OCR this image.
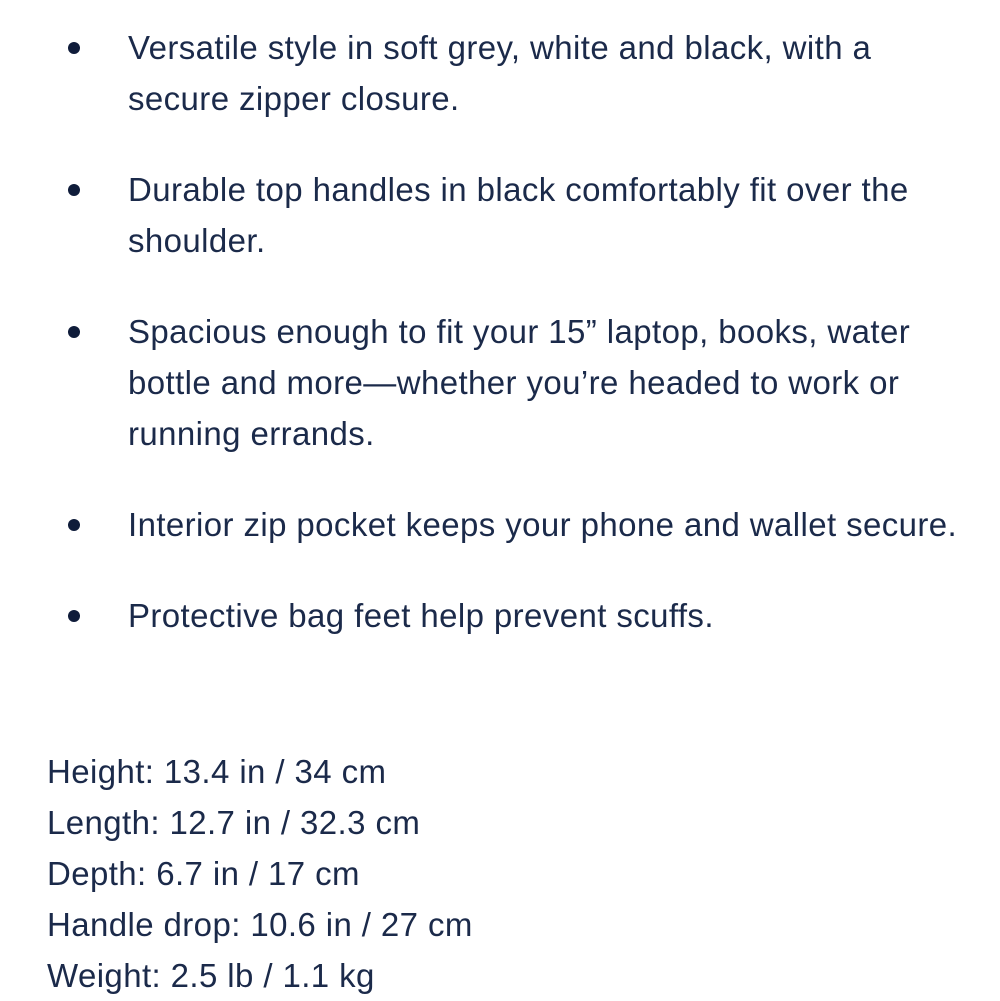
Versatile style in soft grey, white and black, with a secure zipper closure.
Durable top handles in black comfortably fit over the shoulder.
Spacious enough to fit your 15” laptop, books, water bottle and more—whether you’re headed to work or running errands.
Interior zip pocket keeps your phone and wallet secure.
Protective bag feet help prevent scuffs.
Height: 13.4 in / 34 cm
Length: 12.7 in / 32.3 cm
Depth: 6.7 in / 17 cm
Handle drop: 10.6 in / 27 cm
Weight: 2.5 lb / 1.1 kg
